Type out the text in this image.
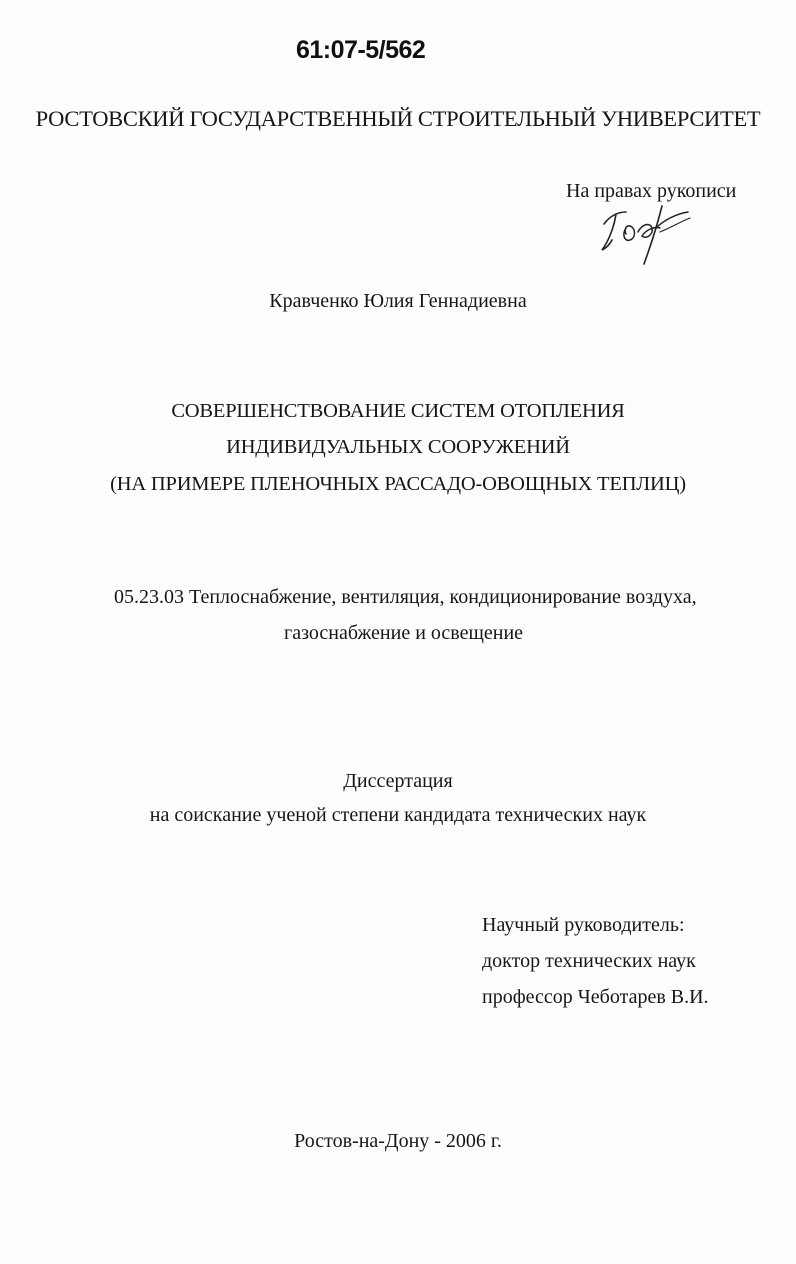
61:07-5/562
РОСТОВСКИЙ ГОСУДАРСТВЕННЫЙ СТРОИТЕЛЬНЫЙ УНИВЕРСИТЕТ
На правах рукописи
Кравченко Юлия Геннадиевна
СОВЕРШЕНСТВОВАНИЕ СИСТЕМ ОТОПЛЕНИЯ
ИНДИВИДУАЛЬНЫХ СООРУЖЕНИЙ
(НА ПРИМЕРЕ ПЛЕНОЧНЫХ РАССАДО-ОВОЩНЫХ ТЕПЛИЦ)
05.23.03 Теплоснабжение, вентиляция, кондиционирование воздуха,
газоснабжение и освещение
Диссертация
на соискание ученой степени кандидата технических наук
Научный руководитель:
доктор технических наук
профессор Чеботарев В.И.
Ростов-на-Дону - 2006 г.
